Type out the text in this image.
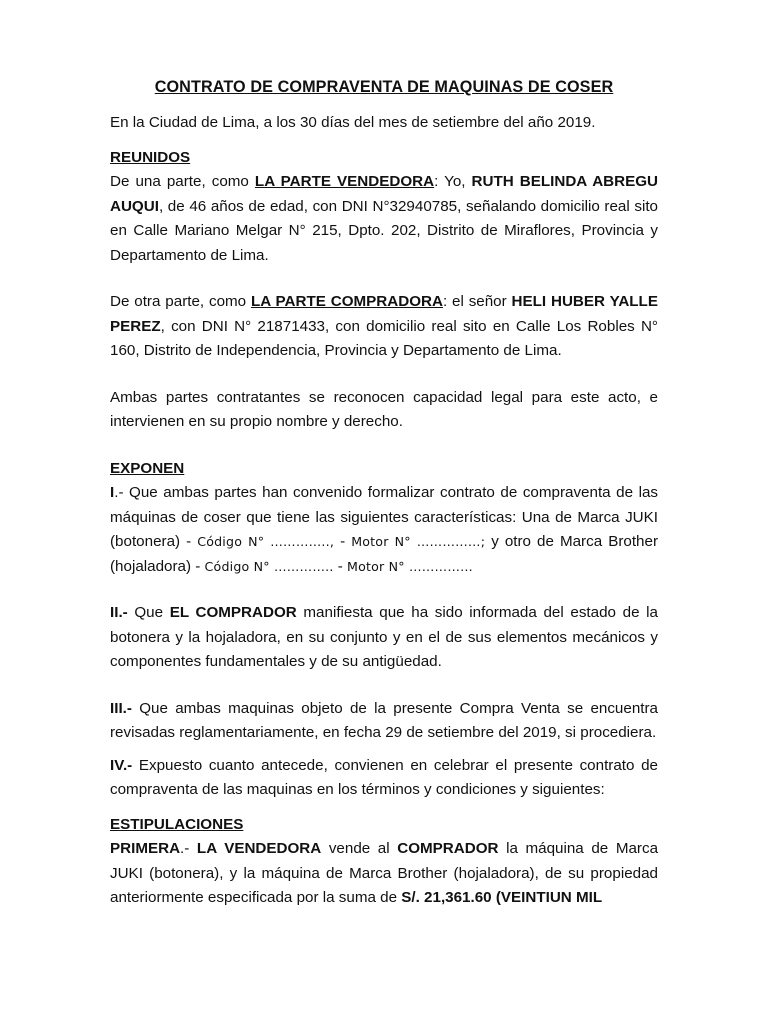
CONTRATO DE COMPRAVENTA DE MAQUINAS DE COSER

En la Ciudad de Lima, a los 30 días del mes de setiembre del año 2019.

REUNIDOS

De una parte, como LA PARTE VENDEDORA: Yo, RUTH BELINDA ABREGU AUQUI, de 46 años de edad, con DNI N°32940785, señalando domicilio real sito en Calle Mariano Melgar N° 215, Dpto. 202, Distrito de Miraflores, Provincia y Departamento de Lima.

De otra parte, como LA PARTE COMPRADORA: el señor HELI HUBER YALLE PEREZ, con DNI N° 21871433, con domicilio real sito en Calle Los Robles N° 160, Distrito de Independencia, Provincia y Departamento de Lima.

Ambas partes contratantes se reconocen capacidad legal para este acto, e intervienen en su propio nombre y derecho.

EXPONEN

I.- Que ambas partes han convenido formalizar contrato de compraventa de las máquinas de coser que tiene las siguientes características: Una de Marca JUKI (botonera) - Código N° ………….., - Motor N° ……………; y otro de Marca Brother (hojaladora) - Código N° ………….. - Motor N° ……………

II.- Que EL COMPRADOR manifiesta que ha sido informada del estado de la botonera y la hojaladora, en su conjunto y en el de sus elementos mecánicos y componentes fundamentales y de su antigüedad.

III.- Que ambas maquinas objeto de la presente Compra Venta se encuentra revisadas reglamentariamente, en fecha 29 de setiembre del 2019, si procediera.

IV.- Expuesto cuanto antecede, convienen en celebrar el presente contrato de compraventa de las maquinas en los términos y condiciones y siguientes:

ESTIPULACIONES

PRIMERA.- LA VENDEDORA vende al COMPRADOR la máquina de Marca JUKI (botonera), y la máquina de Marca Brother (hojaladora), de su propiedad anteriormente especificada por la suma de S/. 21,361.60 (VEINTIUN MIL
